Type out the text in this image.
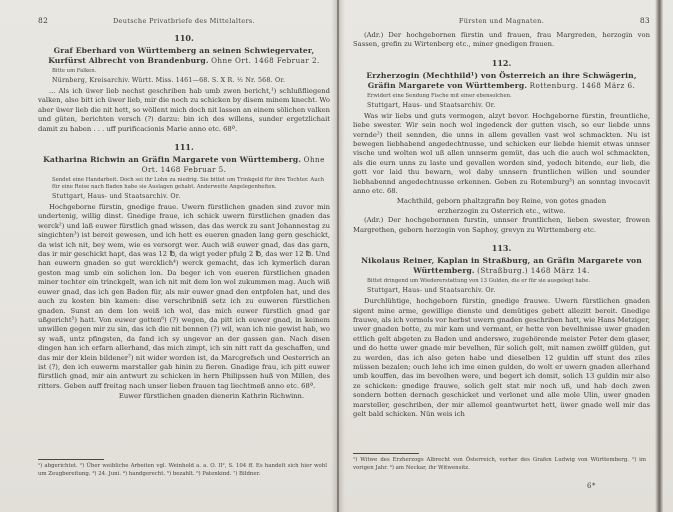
82	Deutsche Privatbriefe des Mittelalters.
110.
Graf Eberhard von Württemberg an seinen Schwiegervater, Kurfürst Albrecht von Brandenburg. Ohne Ort. 1468 Februar 2.
Bitte um Falken.
Nürnberg, Kreisarchiv. Württ. Miss. 1461—68. S. X R. ½ Nr. 568. Or.

... Als ich üwer lieb nechst geschriben hab umb zwen bericht,¹) schlußfliegend valken, also bitt ich üwer lieb, mir die noch zu schicken by disem minem knecht. Wo aber üwer lieb die nit hett, so wöllent mich doch nit lassen an einem sölichen valken und güten, berichten versch (?) darzu: bin ich des willens, sunder ergetzlichait damit zu haben . . . uff purificacionis Marie anno etc. 68ª.

111.
Katharina Richwin an Gräfin Margarete von Württemberg. Ohne Ort. 1468 Februar 5.
Sendet eine Handarbeit. Doch sei ihr Lohn zu niedrig. Sie bittet um Trinkgeld für ihre Tochter. Auch für eine Reise nach Baden habe sie Auslagen gehabt. Anderweite Angelegenheiten.
Stuttgart, Haus- und Staatsarchiv. Or.

Hochgeborne fürstin, gnedige fraue. Uwern fürstlichen gnaden sind zuvor min undertenig, willig dinst. Gnedige fraue, ich schick uwern fürstlichen gnaden das werck²) und laß euwer fürstlich gnad wissen, das das werck zu sant Johannestag zu singichten³) ist bereit gewesen, und ich hett es eueren gnaden lang gern geschickt, da wist ich nit, bey wem, wie es versorgt wer. Auch wiß euwer gnad, das das garn, das ir mir geschickt hapt, das was 12 ℔, da wigt yeder pfulg 2 ℔, das wer 12 ℔. Und han euwern gnaden so gut wercklich⁴) werck gemacht, das ich kymerlich daran geston mag umb ein solichen lon. Da beger ich von eueren fürstlichen gnaden miner tochter ein trinckgelt, wan ich nit mit dem lon wol zukummen mag. Auch wiß euwer gnad, das ich gen Baden für, als mir euwer gnad den entpfolen hat, und des auch zu kosten bin kamen: dise verschribniß setz ich zu euweren fürstlichen gnaden. Sunst an dem lon weiß ich wol, das mich euwer fürstlich gnad gar ußgericht⁵) hatt. Von euwer gotten⁶) (?) wegen, da pitt ich euwer gnad, in keinem unwillen gegen mir zu sin, das ich die nit bennen (?) wil, wan ich nie gewist hab, wo sy waß, untz pfingsten, da fand ich sy ungevor an der gassen gan. Nach disen dingen han ich erfarn allerhand, das mich zimpt, ich sin nitt ratt da geschaffen, und das mir der klein bildener⁷) nit wider worden ist, da Marcgrefsch und Oesterrich an ist (?), den ich euwerm marstaller gab hinin zu fieren. Gnadige frau, ich pitt euwer fürstlich gnad, mir ain antwurt zu schicken in hern Philipssen huß von Millen, des ritters. Geben auff freitag nach unser lieben frauen tag liechtmeß anno etc. 68ª.

Euwer fürstlichen gnaden dienerin Kathrin Richwinn.
¹) abgerichtet. ²) Über weibliche Arbeiten vgl. Weinhold a. a. O. II², S. 104 ff. Es handelt sich hier wohl um Zeugbereitung. ³) 24. Juni. ⁴) handgerecht. ⁵) bezahlt. ⁶) Patenkind. ⁷) Bildner.
Fürsten und Magnaten.	83

(Adr.) Der hochgebornen fürstin und frauen, frau Margreden, herzogin von Sassen, grefin zu Wirtenberg etc., miner gnedigen frauen.

112.
Erzherzogin (Mechthild¹) von Österreich an ihre Schwägerin, Gräfin Margarete von Württemberg. Rottenburg. 1468 März 6.
Erwidert eine Sendung Fische mit einer ebensolchen.
Stuttgart, Haus- und Staatsarchiv. Or.

Was wir liebs und guts vermogen, alzyt bevor. Hochgeborne fürstin, freuntliche, liebe swester. Wir sein noch wol ingedenck der gutten visch, so eur liebde unns vernde²) theil sennden, die unns in allem gevallen vast wol schmackten. Nu ist bewegen liebhabend angedechtnusse, und schicken eur liebde hiemit etwas unnser vische und wolten wol uß allen unnserm gemüt, das uch die auch wol schmackten, als die eurn unns zu laste und gevallen worden sind, yedoch bitende, eur lieb, die gott vor laid thu bewarn, wol daby unnsern fruntlichen willen und sounder liebhabennd angedechtnusse erkennen. Geben zu Rotemburg³) an sonntag invocavit anno etc. 68.

Machthild, geborn phaltzgrafin bey Reine, von gotes gnaden erzherzogin zu Osterrich etc., witwe.

(Adr.) Der hochgebornnen furstin, unnser fruntlichen, lieben swester, frowen Margrethen, geborn herzogin von Saphoy, grevyn zu Wirttemberg etc.

113.
Nikolaus Reiner, Kaplan in Straßburg, an Gräfin Margarete von Württemberg. (Straßburg.) 1468 März 14.
Bittet dringend um Wiedererstattung von 13 Gulden, die er für sie ausgelegt habe.
Stuttgart, Haus- und Staatsarchiv. Or.

Durchlühtige, hochgeborn fürstin, gnedige frauwe. Uwern fürstlichen gnaden sigent mine arme, gewillige dienste und demütiges gebett allezitt bereit. Gnedige frauwe, als ich vormols vor herbst uwern gnaden geschriben hatt, wie Hans Metziger, uwer gnaden botte, zu mir kam und vermant, er hette von bevelhnisse uwer gnaden ettlich gelt abgeten zu Baden und anderswo, zugehörende meister Peter dem glaser, und do hette uwer gnade mir bevelhen, für solich gelt, mit namen zwölff gülden, gut zu werden, das ich also geten habe und dieselben 12 guldin uff stunt des ziles müssen bezalen; ouch lehe ich ime einen gulden, do wolt er uwern gnaden allerhand umb kouffen, das im bevolhen were, und begert ich domit, solich 13 guldin mir also ze schicken: gnedige frauwe, solich gelt stat mir noch uß, und hab doch zwen sondern botten dernach geschicket und verlonet und alle mole Ulin, uwer gnaden marsteller, geschriben, der mir allemol geantwurtet hett, üwer gnade well mir das gelt bald schicken. Nün weis ich

¹) Witwe des Erzherzogs Albrecht von Österreich, vorher des Grafen Ludwig von Württemberg. ²) im vorigen Jahr. ³) am Neckar, ihr Witwensitz.
6*
